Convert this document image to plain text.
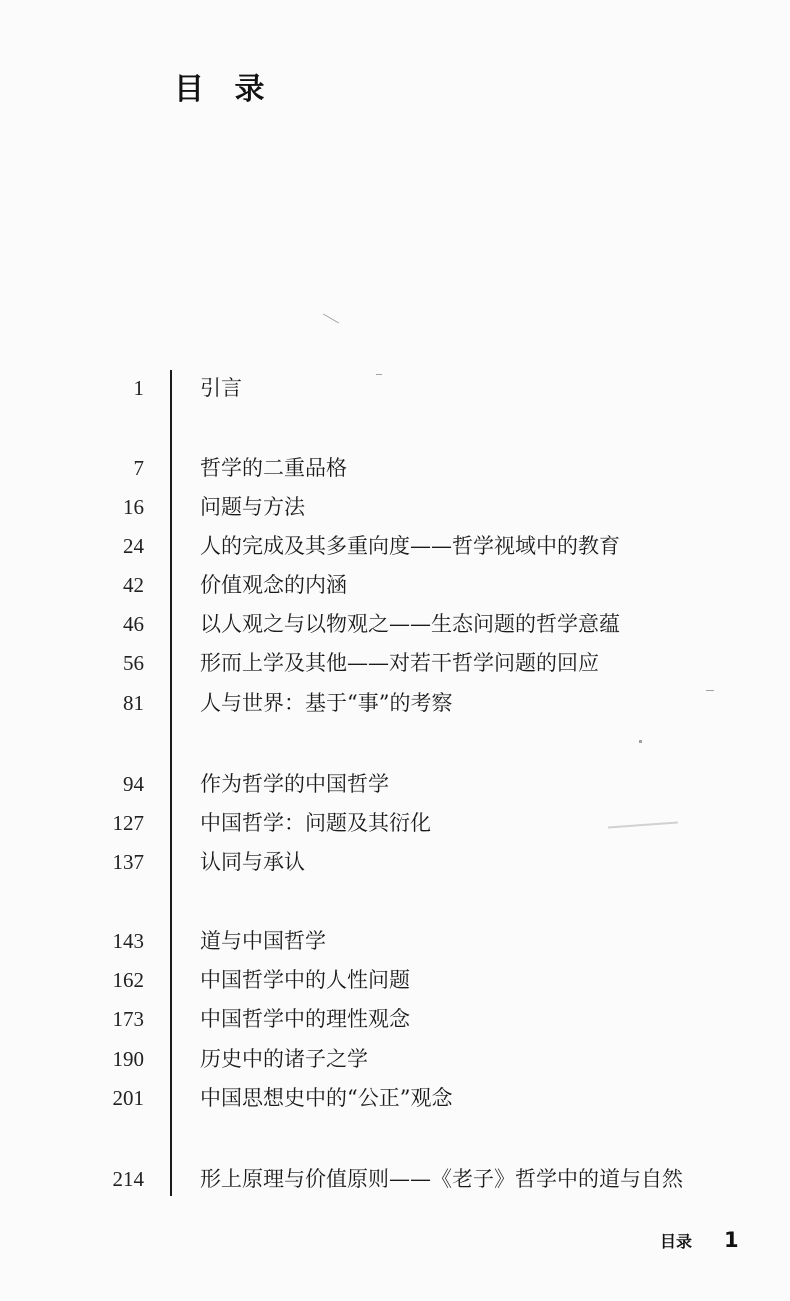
目 录
1	引言
7	哲学的二重品格
16	问题与方法
24	人的完成及其多重向度——哲学视域中的教育
42	价值观念的内涵
46	以人观之与以物观之——生态问题的哲学意蕴
56	形而上学及其他——对若干哲学问题的回应
81	人与世界：基于“事”的考察
94	作为哲学的中国哲学
127	中国哲学：问题及其衍化
137	认同与承认
143	道与中国哲学
162	中国哲学中的人性问题
173	中国哲学中的理性观念
190	历史中的诸子之学
201	中国思想史中的“公正”观念
214	形上原理与价值原则——《老子》哲学中的道与自然
目录 1
